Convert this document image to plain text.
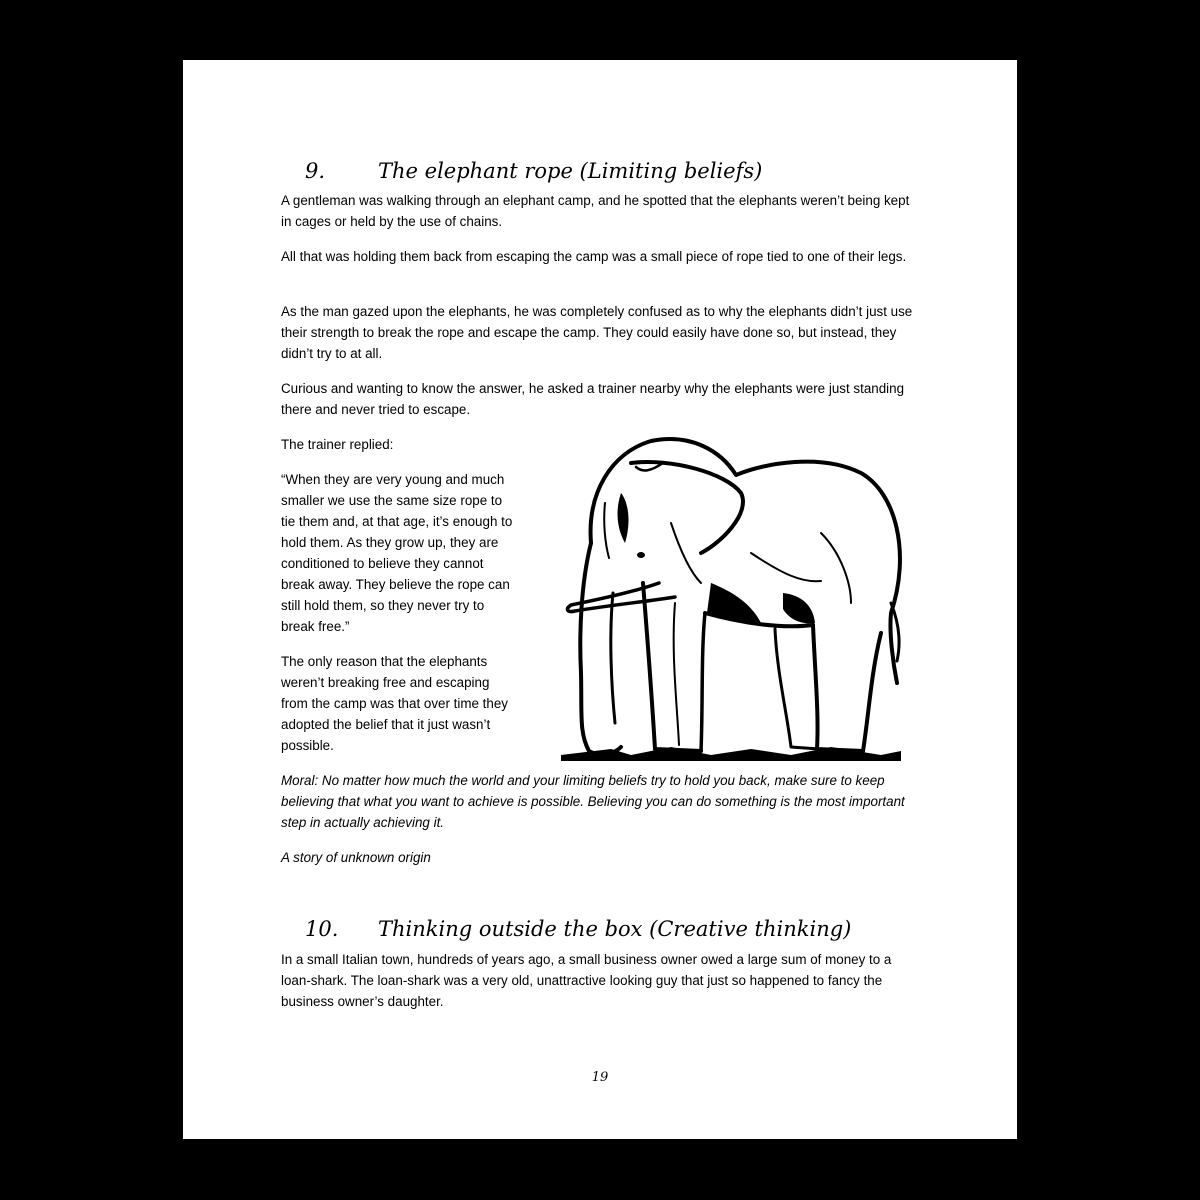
9.	The elephant rope (Limiting beliefs)

A gentleman was walking through an elephant camp, and he spotted that the elephants weren’t being kept in cages or held by the use of chains.

All that was holding them back from escaping the camp was a small piece of rope tied to one of their legs.

As the man gazed upon the elephants, he was completely confused as to why the elephants didn’t just use their strength to break the rope and escape the camp. They could easily have done so, but instead, they didn’t try to at all.

Curious and wanting to know the answer, he asked a trainer nearby why the elephants were just standing there and never tried to escape.

The trainer replied:

“When they are very young and much smaller we use the same size rope to tie them and, at that age, it’s enough to hold them. As they grow up, they are conditioned to believe they cannot break away. They believe the rope can still hold them, so they never try to break free.”

The only reason that the elephants weren’t breaking free and escaping from the camp was that over time they adopted the belief that it just wasn’t possible.

Moral: No matter how much the world and your limiting beliefs try to hold you back, make sure to keep believing that what you want to achieve is possible. Believing you can do something is the most important step in actually achieving it.

A story of unknown origin

10. Thinking outside the box (Creative thinking)

In a small Italian town, hundreds of years ago, a small business owner owed a large sum of money to a loan-shark. The loan-shark was a very old, unattractive looking guy that just so happened to fancy the business owner’s daughter.

19
